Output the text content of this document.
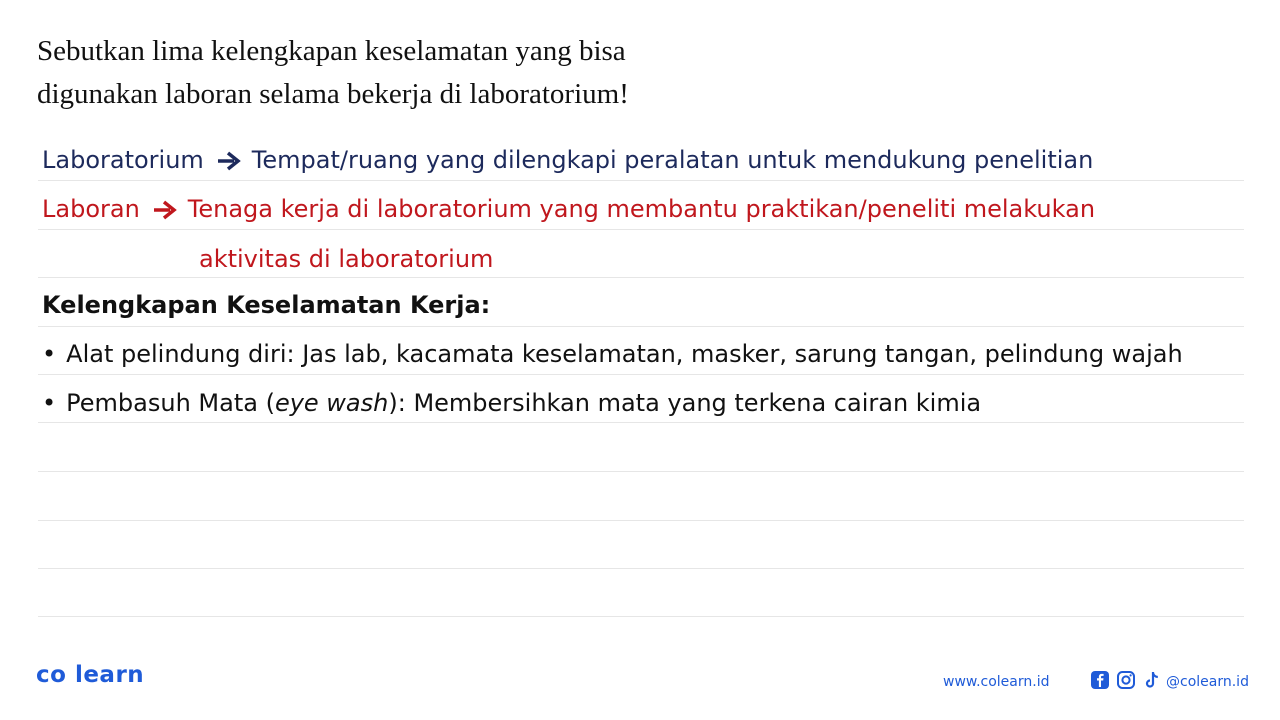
Sebutkan lima kelengkapan keselamatan yang bisa
digunakan laboran selama bekerja di laboratorium!
Laboratorium Tempat/ruang yang dilengkapi peralatan untuk mendukung penelitian
Laboran Tenaga kerja di laboratorium yang membantu praktikan/peneliti melakukan
aktivitas di laboratorium
Kelengkapan Keselamatan Kerja:
• Alat pelindung diri: Jas lab, kacamata keselamatan, masker, sarung tangan, pelindung wajah
• Pembasuh Mata (eye wash): Membersihkan mata yang terkena cairan kimia
co learn	www.colearn.id	@colearn.id
